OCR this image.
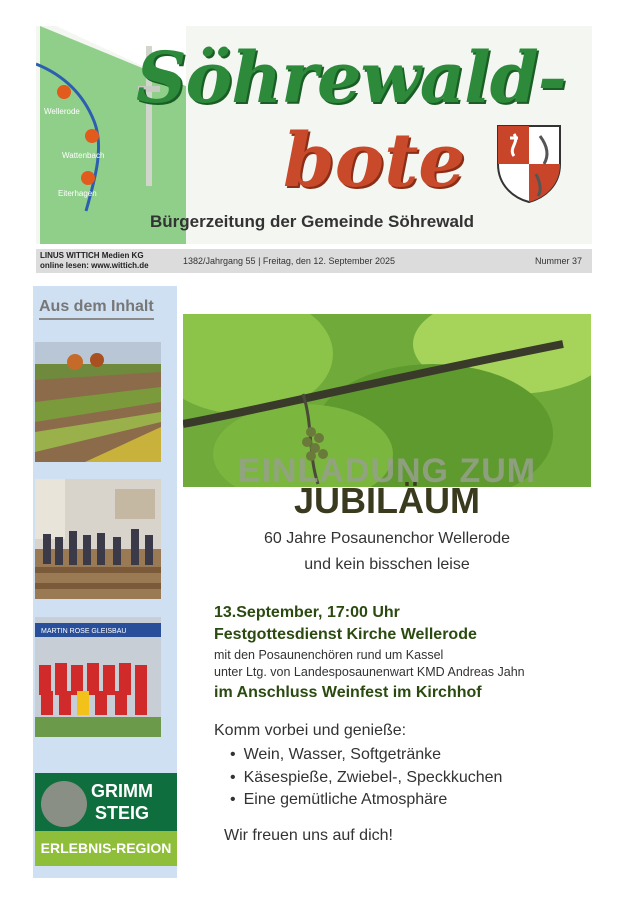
Wellerode
Wattenbach
Eiterhagen
Söhrewald-
bote
Bürgerzeitung der Gemeinde Söhrewald
LINUS WITTICH Medien KG
online lesen: www.wittich.de	1382/Jahrgang 55 | Freitag, den 12. September 2025	Nummer 37
Aus dem Inhalt
MARTIN ROSE GLEISBAU
GRIMM
STEIG
ERLEBNIS-REGION
EINLADUNG ZUM
JUBILÄUM
60 Jahre Posaunenchor Wellerode
und kein bisschen leise
13.September, 17:00 Uhr
Festgottesdienst Kirche Wellerode
mit den Posaunenchören rund um Kassel
unter Ltg. von Landesposaunenwart KMD Andreas Jahn
im Anschluss Weinfest im Kirchhof
Komm vorbei und genieße:
• Wein, Wasser, Softgetränke
• Käsespieße, Zwiebel-, Speckkuchen
• Eine gemütliche Atmosphäre
Wir freuen uns auf dich!
